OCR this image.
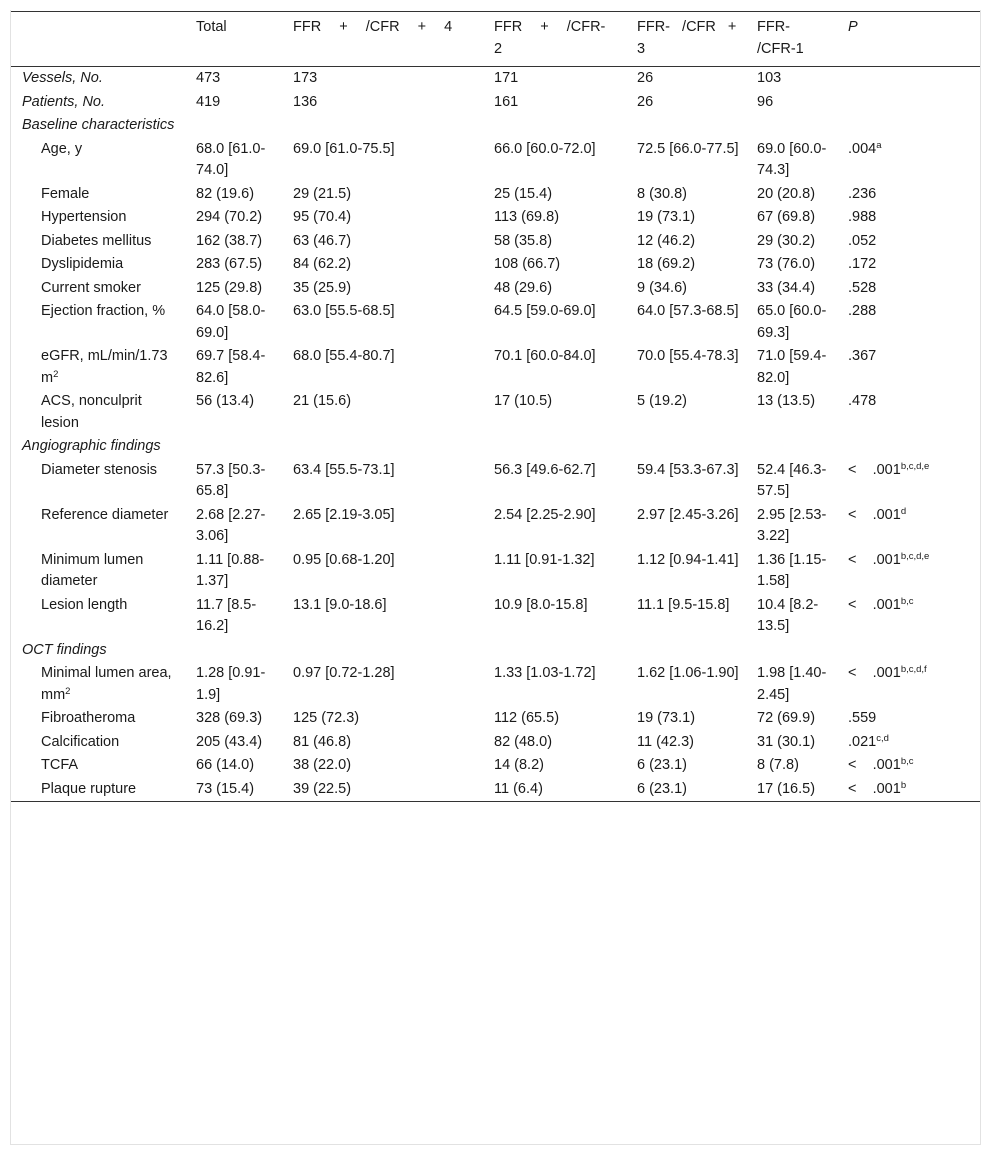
	Total	FFR + /CFR + 4	FFR + /CFR- 2	FFR- /CFR + 3	FFR- /CFR-1	P
Vessels, No.	473	173	171	26	103	
Patients, No.	419	136	161	26	96	
Baseline characteristics						
Age, y	68.0 [61.0-74.0]	69.0 [61.0-75.5]	66.0 [60.0-72.0]	72.5 [66.0-77.5]	69.0 [60.0-74.3]	.004$^a$
Female	82 (19.6)	29 (21.5)	25 (15.4)	8 (30.8)	20 (20.8)	.236
Hypertension	294 (70.2)	95 (70.4)	113 (69.8)	19 (73.1)	67 (69.8)	.988
Diabetes mellitus	162 (38.7)	63 (46.7)	58 (35.8)	12 (46.2)	29 (30.2)	.052
Dyslipidemia	283 (67.5)	84 (62.2)	108 (66.7)	18 (69.2)	73 (76.0)	.172
Current smoker	125 (29.8)	35 (25.9)	48 (29.6)	9 (34.6)	33 (34.4)	.528
Ejection fraction, %	64.0 [58.0-69.0]	63.0 [55.5-68.5]	64.5 [59.0-69.0]	64.0 [57.3-68.5]	65.0 [60.0-69.3]	.288
eGFR, mL/min/1.73 $m^2$	69.7 [58.4-82.6]	68.0 [55.4-80.7]	70.1 [60.0-84.0]	70.0 [55.4-78.3]	71.0 [59.4-82.0]	.367
ACS, nonculprit lesion	56 (13.4)	21 (15.6)	17 (10.5)	5 (19.2)	13 (13.5)	.478
Angiographic findings						
Diameter stenosis	57.3 [50.3-65.8]	63.4 [55.5-73.1]	56.3 [49.6-62.7]	59.4 [53.3-67.3]	52.4 [46.3-57.5]	<    .001$^{b,c,d,e}$
Reference diameter	2.68 [2.27-3.06]	2.65 [2.19-3.05]	2.54 [2.25-2.90]	2.97 [2.45-3.26]	2.95 [2.53-3.22]	<    .001$^d$
Minimum lumen diameter	1.11 [0.88-1.37]	0.95 [0.68-1.20]	1.11 [0.91-1.32]	1.12 [0.94-1.41]	1.36 [1.15-1.58]	<    .001$^{b,c,d,e}$
Lesion length	11.7 [8.5-16.2]	13.1 [9.0-18.6]	10.9 [8.0-15.8]	11.1 [9.5-15.8]	10.4 [8.2-13.5]	<    .001$^{b,c}$
OCT findings						
Minimal lumen area, $mm^2$	1.28 [0.91-1.9]	0.97 [0.72-1.28]	1.33 [1.03-1.72]	1.62 [1.06-1.90]	1.98 [1.40-2.45]	<    .001$^{b,c,d,f}$
Fibroatheroma	328 (69.3)	125 (72.3)	112 (65.5)	19 (73.1)	72 (69.9)	.559
Calcification	205 (43.4)	81 (46.8)	82 (48.0)	11 (42.3)	31 (30.1)	.021$^{c,d}$
TCFA	66 (14.0)	38 (22.0)	14 (8.2)	6 (23.1)	8 (7.8)	<    .001$^{b,c}$
Plaque rupture	73 (15.4)	39 (22.5)	11 (6.4)	6 (23.1)	17 (16.5)	<    .001$^b$
